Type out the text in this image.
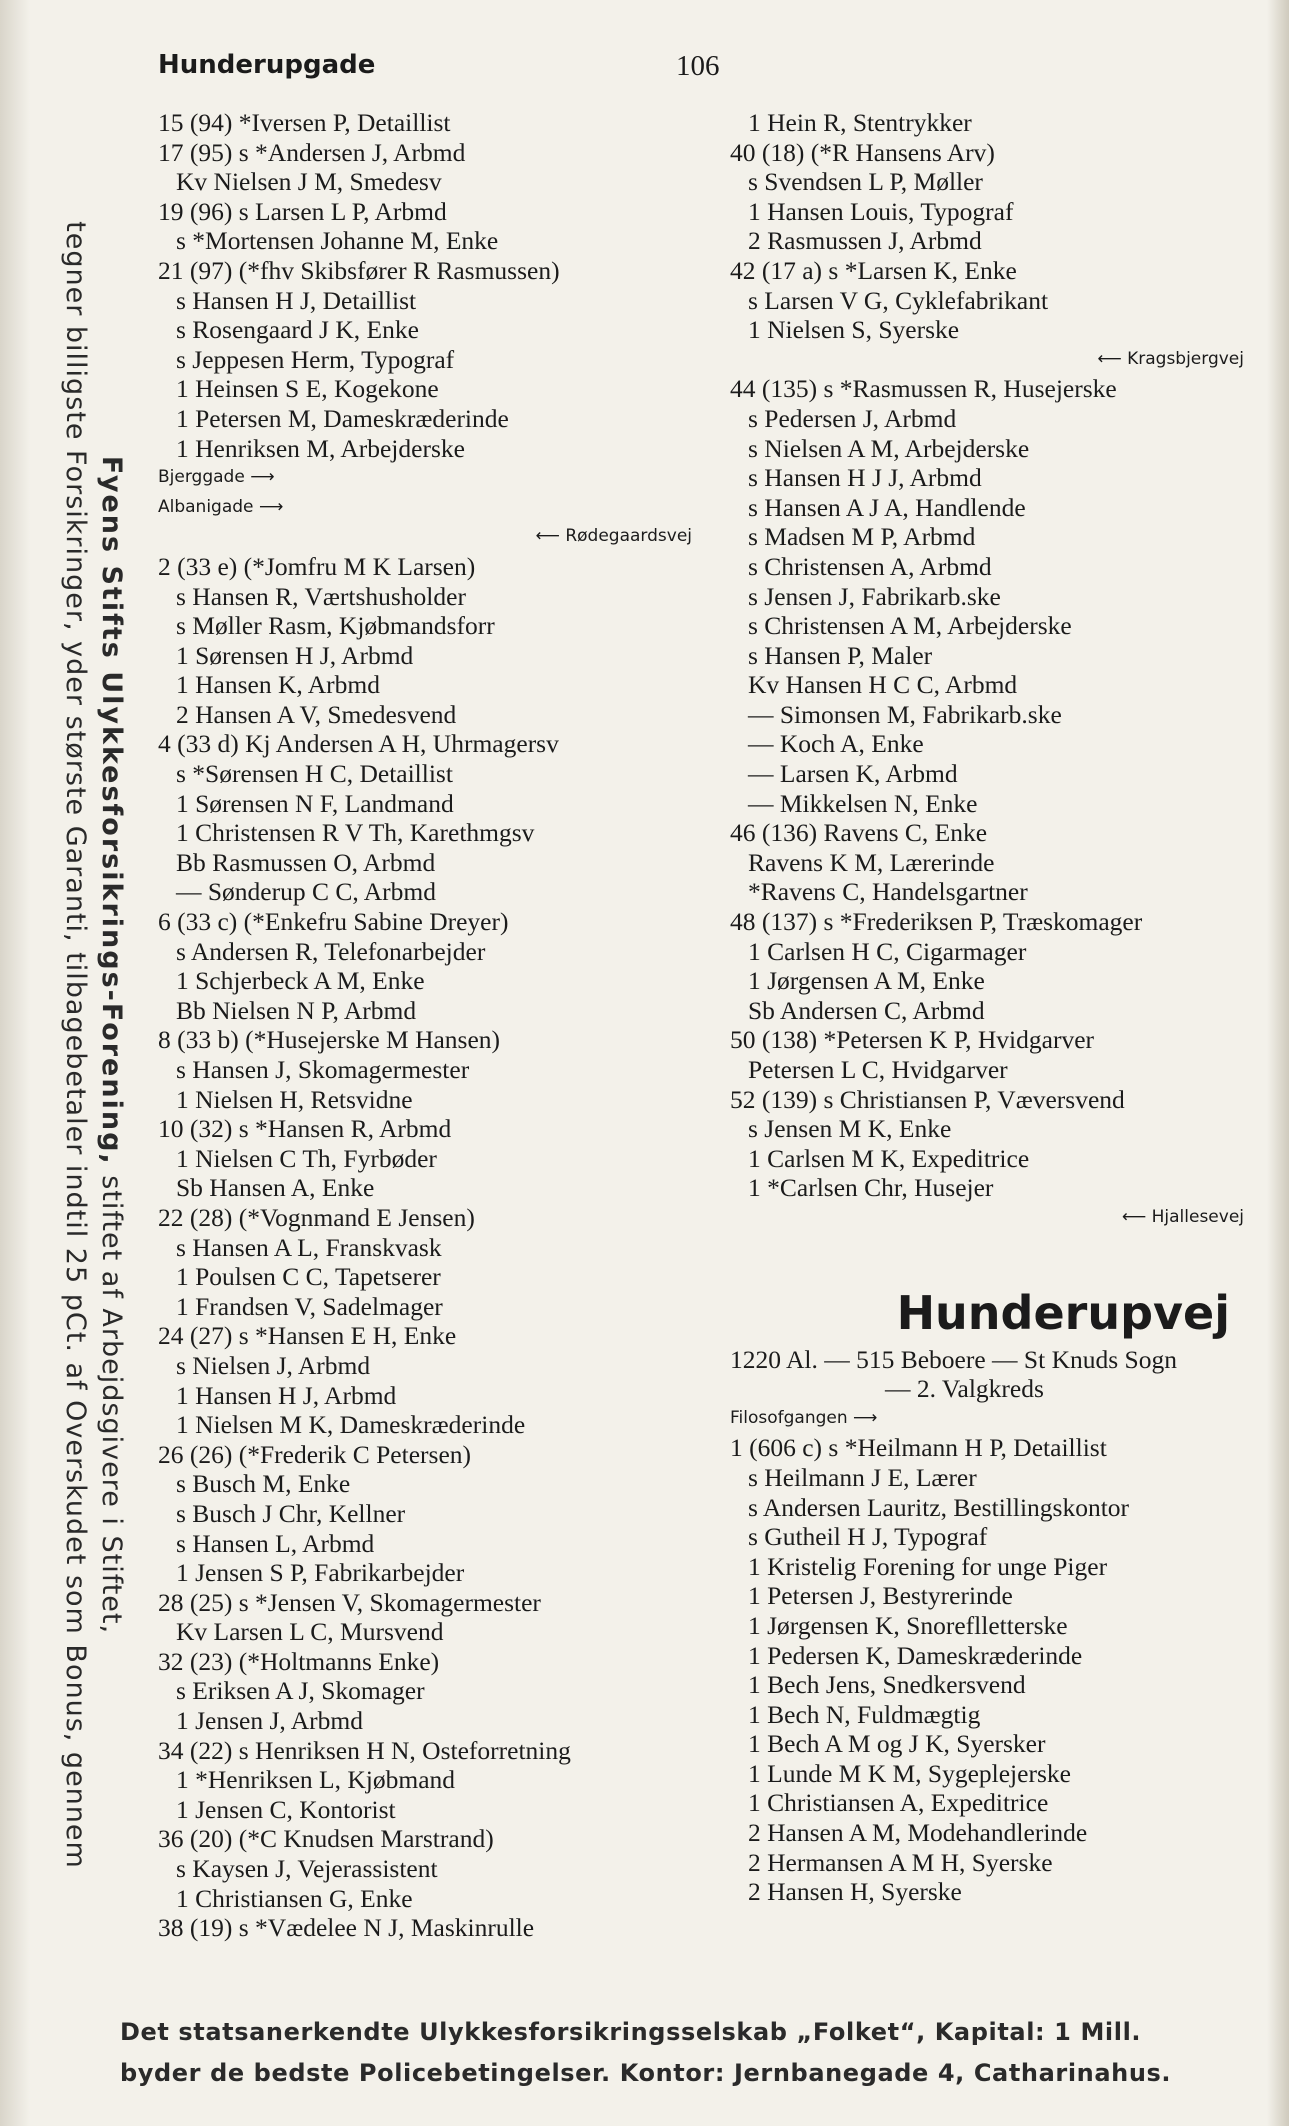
Hunderupgade	106
Fyens Stifts Ulykkesforsikrings-Forening, stiftet af Arbejdsgivere i Stiftet,
tegner billigste Forsikringer, yder største Garanti, tilbagebetaler indtil 25 pCt. af Overskudet som Bonus, gennem
15 (94) *Iversen P, Detaillist
17 (95) s *Andersen J, Arbmd
Kv Nielsen J M, Smedesv
19 (96) s Larsen L P, Arbmd
s *Mortensen Johanne M, Enke
21 (97) (*fhv Skibsfører R Rasmussen)
s Hansen H J, Detaillist
s Rosengaard J K, Enke
s Jeppesen Herm, Typograf
1 Heinsen S E, Kogekone
1 Petersen M, Dameskræderinde
1 Henriksen M, Arbejderske
Bjerggade ⟶
Albanigade ⟶
⟵ Rødegaardsvej
2 (33 e) (*Jomfru M K Larsen)
s Hansen R, Værtshusholder
s Møller Rasm, Kjøbmandsforr
1 Sørensen H J, Arbmd
1 Hansen K, Arbmd
2 Hansen A V, Smedesvend
4 (33 d) Kj Andersen A H, Uhrmagersv
s *Sørensen H C, Detaillist
1 Sørensen N F, Landmand
1 Christensen R V Th, Karethmgsv
Bb Rasmussen O, Arbmd
— Sønderup C C, Arbmd
6 (33 c) (*Enkefru Sabine Dreyer)
s Andersen R, Telefonarbejder
1 Schjerbeck A M, Enke
Bb Nielsen N P, Arbmd
8 (33 b) (*Husejerske M Hansen)
s Hansen J, Skomagermester
1 Nielsen H, Retsvidne
10 (32) s *Hansen R, Arbmd
1 Nielsen C Th, Fyrbøder
Sb Hansen A, Enke
22 (28) (*Vognmand E Jensen)
s Hansen A L, Franskvask
1 Poulsen C C, Tapetserer
1 Frandsen V, Sadelmager
24 (27) s *Hansen E H, Enke
s Nielsen J, Arbmd
1 Hansen H J, Arbmd
1 Nielsen M K, Dameskræderinde
26 (26) (*Frederik C Petersen)
s Busch M, Enke
s Busch J Chr, Kellner
s Hansen L, Arbmd
1 Jensen S P, Fabrikarbejder
28 (25) s *Jensen V, Skomagermester
Kv Larsen L C, Mursvend
32 (23) (*Holtmanns Enke)
s Eriksen A J, Skomager
1 Jensen J, Arbmd
34 (22) s Henriksen H N, Osteforretning
1 *Henriksen L, Kjøbmand
1 Jensen C, Kontorist
36 (20) (*C Knudsen Marstrand)
s Kaysen J, Vejerassistent
1 Christiansen G, Enke
38 (19) s *Vædelee N J, Maskinrulle
1 Hein R, Stentrykker
40 (18) (*R Hansens Arv)
s Svendsen L P, Møller
1 Hansen Louis, Typograf
2 Rasmussen J, Arbmd
42 (17 a) s *Larsen K, Enke
s Larsen V G, Cyklefabrikant
1 Nielsen S, Syerske
⟵ Kragsbjergvej
44 (135) s *Rasmussen R, Husejerske
s Pedersen J, Arbmd
s Nielsen A M, Arbejderske
s Hansen H J J, Arbmd
s Hansen A J A, Handlende
s Madsen M P, Arbmd
s Christensen A, Arbmd
s Jensen J, Fabrikarb.ske
s Christensen A M, Arbejderske
s Hansen P, Maler
Kv Hansen H C C, Arbmd
— Simonsen M, Fabrikarb.ske
— Koch A, Enke
— Larsen K, Arbmd
— Mikkelsen N, Enke
46 (136) Ravens C, Enke
Ravens K M, Lærerinde
*Ravens C, Handelsgartner
48 (137) s *Frederiksen P, Træskomager
1 Carlsen H C, Cigarmager
1 Jørgensen A M, Enke
Sb Andersen C, Arbmd
50 (138) *Petersen K P, Hvidgarver
Petersen L C, Hvidgarver
52 (139) s Christiansen P, Væversvend
s Jensen M K, Enke
1 Carlsen M K, Expeditrice
1 *Carlsen Chr, Husejer
⟵ Hjallesevej
Hunderupvej
1220 Al. — 515 Beboere — St Knuds Sogn
— 2. Valgkreds
Filosofgangen ⟶
1 (606 c) s *Heilmann H P, Detaillist
s Heilmann J E, Lærer
s Andersen Lauritz, Bestillingskontor
s Gutheil H J, Typograf
1 Kristelig Forening for unge Piger
1 Petersen J, Bestyrerinde
1 Jørgensen K, Snoreflletterske
1 Pedersen K, Dameskræderinde
1 Bech Jens, Snedkersvend
1 Bech N, Fuldmægtig
1 Bech A M og J K, Syersker
1 Lunde M K M, Sygeplejerske
1 Christiansen A, Expeditrice
2 Hansen A M, Modehandlerinde
2 Hermansen A M H, Syerske
2 Hansen H, Syerske
Det statsanerkendte Ulykkesforsikringsselskab „Folket“, Kapital: 1 Mill.
byder de bedste Policebetingelser. Kontor: Jernbanegade 4, Catharinahus.
